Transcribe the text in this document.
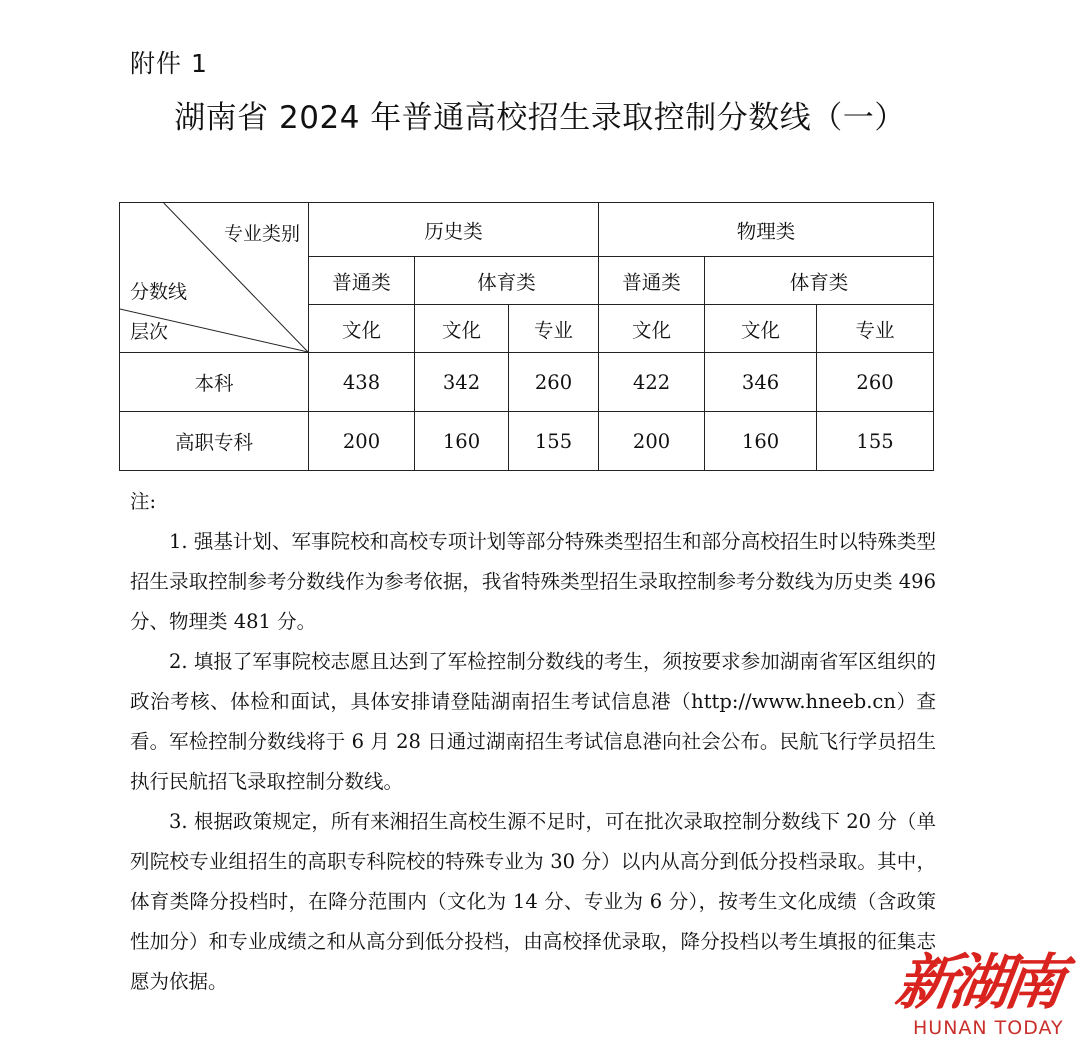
附件 1
湖南省 2024 年普通高校招生录取控制分数线（一）
专业类别
分数线
层次	历史类			物理类		
	普通类	体育类		普通类	体育类	
	文化	文化	专业	文化	文化	专业
本科	438	342	260	422	346	260
高职专科	200	160	155	200	160	155

注:

1. 强基计划、军事院校和高校专项计划等部分特殊类型招生和部分高校招生时以特殊类型招生录取控制参考分数线作为参考依据，我省特殊类型招生录取控制参考分数线为历史类 496 分、物理类 481 分。

2. 填报了军事院校志愿且达到了军检控制分数线的考生，须按要求参加湖南省军区组织的政治考核、体检和面试，具体安排请登陆湖南招生考试信息港（http://www.hneeb.cn）查看。军检控制分数线将于 6 月 28 日通过湖南招生考试信息港向社会公布。民航飞行学员招生执行民航招飞录取控制分数线。

3. 根据政策规定，所有来湘招生高校生源不足时，可在批次录取控制分数线下 20 分（单列院校专业组招生的高职专科院校的特殊专业为 30 分）以内从高分到低分投档录取。其中，体育类降分投档时，在降分范围内（文化为 14 分、专业为 6 分），按考生文化成绩（含政策性加分）和专业成绩之和从高分到低分投档，由高校择优录取，降分投档以考生填报的征集志愿为依据。	新湖南
HUNAN TODAY
